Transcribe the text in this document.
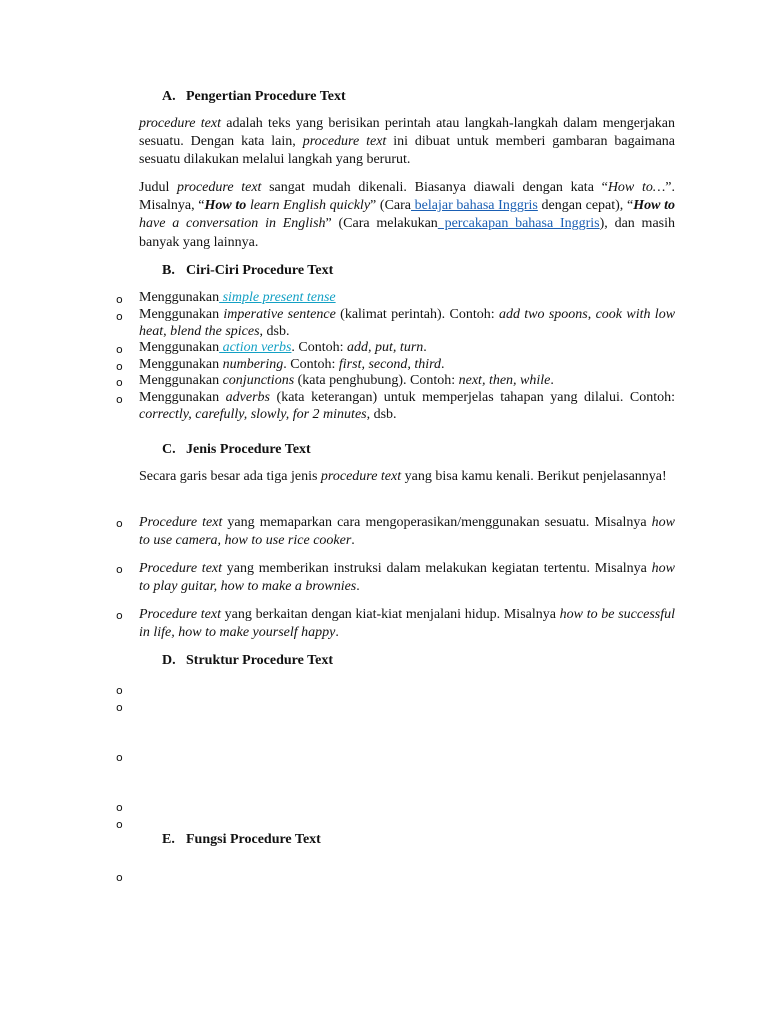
A. Pengertian Procedure Text
procedure text adalah teks yang berisikan perintah atau langkah-langkah dalam mengerjakan sesuatu. Dengan kata lain, procedure text ini dibuat untuk memberi gambaran bagaimana sesuatu dilakukan melalui langkah yang berurut.
Judul procedure text sangat mudah dikenali. Biasanya diawali dengan kata “How to…”. Misalnya, “How to learn English quickly” (Cara belajar bahasa Inggris dengan cepat), “How to have a conversation in English” (Cara melakukan percakapan bahasa Inggris), dan masih banyak yang lainnya.
B. Ciri-Ciri Procedure Text
o	Menggunakan simple present tense
o	Menggunakan imperative sentence (kalimat perintah). Contoh: add two spoons, cook with low heat, blend the spices, dsb.
o	Menggunakan action verbs. Contoh: add, put, turn.
o	Menggunakan numbering. Contoh: first, second, third.
o	Menggunakan conjunctions (kata penghubung). Contoh: next, then, while.
o	Menggunakan adverbs (kata keterangan) untuk memperjelas tahapan yang dilalui. Contoh: correctly, carefully, slowly, for 2 minutes, dsb.
C. Jenis Procedure Text
Secara garis besar ada tiga jenis procedure text yang bisa kamu kenali. Berikut penjelasannya!
o	Procedure text yang memaparkan cara mengoperasikan/menggunakan sesuatu. Misalnya how to use camera, how to use rice cooker.
o	Procedure text yang memberikan instruksi dalam melakukan kegiatan tertentu. Misalnya how to play guitar, how to make a brownies.
o	Procedure text yang berkaitan dengan kiat-kiat menjalani hidup. Misalnya how to be successful in life, how to make yourself happy.
D. Struktur Procedure Text
o
o
o
o
o
E. Fungsi Procedure Text
o
